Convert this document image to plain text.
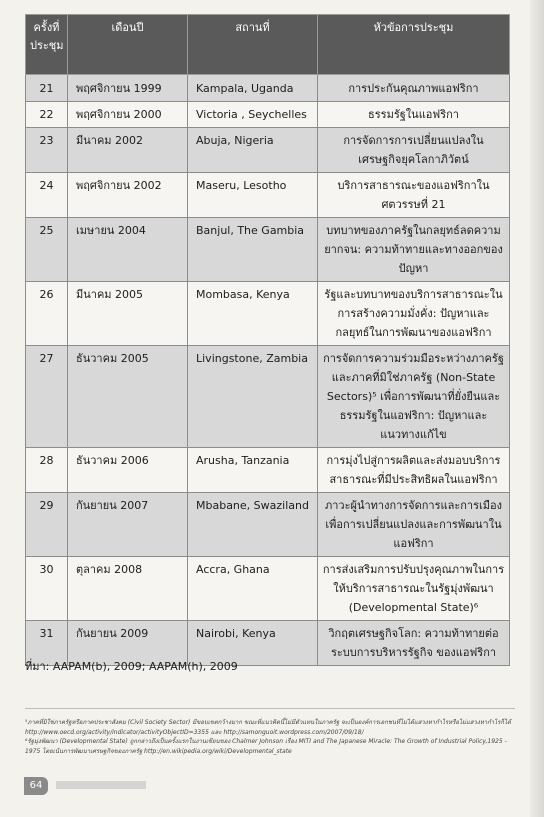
ครั้งที่ ประชุม	เดือนปี	สถานที่	หัวข้อการประชุม
21	พฤศจิกายน 1999	Kampala, Uganda	การประกันคุณภาพแอฟริกา
22	พฤศจิกายน 2000	Victoria , Seychelles	ธรรมรัฐในแอฟริกา
23	มีนาคม 2002	Abuja, Nigeria	การจัดการการเปลี่ยนแปลงในเศรษฐกิจยุคโลกาภิวัตน์
24	พฤศจิกายน 2002	Maseru, Lesotho	บริการสาธารณะของแอฟริกาในศตวรรษที่ 21
25	เมษายน 2004	Banjul, The Gambia	บทบาทของภาครัฐในกลยุทธ์ลดความยากจน: ความท้าทายและทางออกของปัญหา
26	มีนาคม 2005	Mombasa, Kenya	รัฐและบทบาทของบริการสาธารณะในการสร้างความมั่งคั่ง: ปัญหาและกลยุทธ์ในการพัฒนาของแอฟริกา
27	ธันวาคม 2005	Livingstone, Zambia	การจัดการความร่วมมือระหว่างภาครัฐและภาคที่มิใช่ภาครัฐ (Non-State Sectors)⁵ เพื่อการพัฒนาที่ยั่งยืนและธรรมรัฐในแอฟริกา: ปัญหาและแนวทางแก้ไข
28	ธันวาคม 2006	Arusha, Tanzania	การมุ่งไปสู่การผลิตและส่งมอบบริการสาธารณะที่มีประสิทธิผลในแอฟริกา
29	กันยายน 2007	Mbabane, Swaziland	ภาวะผู้นำทางการจัดการและการเมืองเพื่อการเปลี่ยนแปลงและการพัฒนาในแอฟริกา
30	ตุลาคม 2008	Accra, Ghana	การส่งเสริมการปรับปรุงคุณภาพในการให้บริการสาธารณะในรัฐมุ่งพัฒนา (Developmental State)⁶
31	กันยายน 2009	Nairobi, Kenya	วิกฤตเศรษฐกิจโลก: ความท้าทายต่อระบบการบริหารรัฐกิจ ของแอฟริกา
ที่มา: AAPAM(b), 2009; AAPAM(h), 2009
⁵ภาคที่มิใช่ภาครัฐหรือภาคประชาสังคม (Civil Society Sector) มีขอบเขตกว้างมาก ขณะที่แนวคิดนี้ไม่มีตัวแทนในภาครัฐ จะเป็นองค์การเอกชนที่ไม่ได้แสวงหากำไรหรือไม่แสวงหากำไรก็ได้ http://www.oecd.org/activity/indicator/activityObjectID=3355 และ http://samonguoit.wordpress.com/2007/09/18/
⁶รัฐมุ่งพัฒนา (Developmental State) ถูกกล่าวถึงเป็นครั้งแรกในงานเขียนของ Chalmer Johnson เรื่อง MITI and The Japanese Miracle: The Growth of Industrial Policy,1925 - 1975 โดยเน้นการพัฒนาเศรษฐกิจของภาครัฐ http://en.wikipedia.org/wiki/Developmental_state
64
